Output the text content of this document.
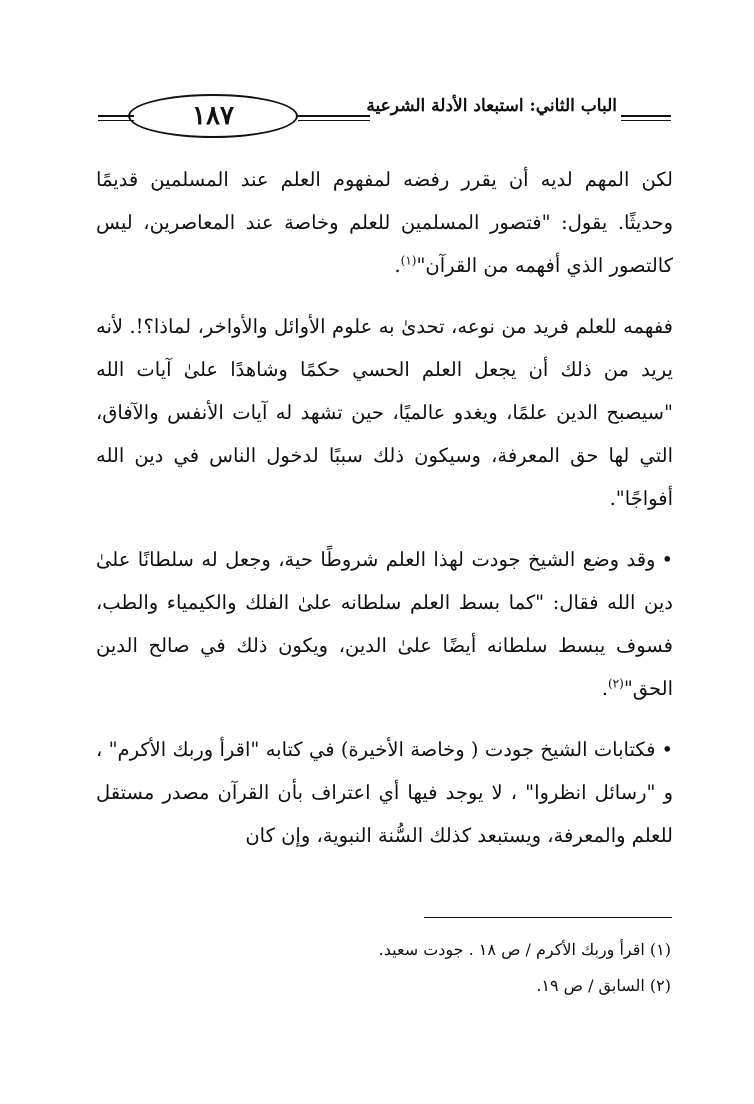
١٨٧	الباب الثاني: استبعاد الأدلة الشرعية

لكن المهم لديه أن يقرر رفضه لمفهوم العلم عند المسلمين قديمًا وحديثًا. يقول: "فتصور المسلمين للعلم وخاصة عند المعاصرين، ليس كالتصور الذي أفهمه من القرآن"$^{(١)}$.

ففهمه للعلم فريد من نوعه، تحدىٰ به علوم الأوائل والأواخر، لماذا؟!. لأنه يريد من ذلك أن يجعل العلم الحسي حكمًا وشاهدًا علىٰ آيات الله "سيصبح الدين علمًا، ويغدو عالميًا، حين تشهد له آيات الأنفس والآفاق، التي لها حق المعرفة، وسيكون ذلك سببًا لدخول الناس في دين الله أفواجًا".

•وقد وضع الشيخ جودت لهذا العلم شروطًا حية، وجعل له سلطانًا علىٰ دين الله فقال: "كما بسط العلم سلطانه علىٰ الفلك والكيمياء والطب، فسوف يبسط سلطانه أيضًا علىٰ الدين، ويكون ذلك في صالح الدين الحق"$^{(٢)}$.

•فكتابات الشيخ جودت ( وخاصة الأخيرة) في كتابه "اقرأ وربك الأكرم" ، و "رسائل انظروا" ، لا يوجد فيها أي اعتراف بأن القرآن مصدر مستقل للعلم والمعرفة، ويستبعد كذلك السُّنة النبوية، وإن كان

(١) اقرأ وربك الأكرم / ص ١٨ . جودت سعيد.
(٢) السابق / ص ١٩.
